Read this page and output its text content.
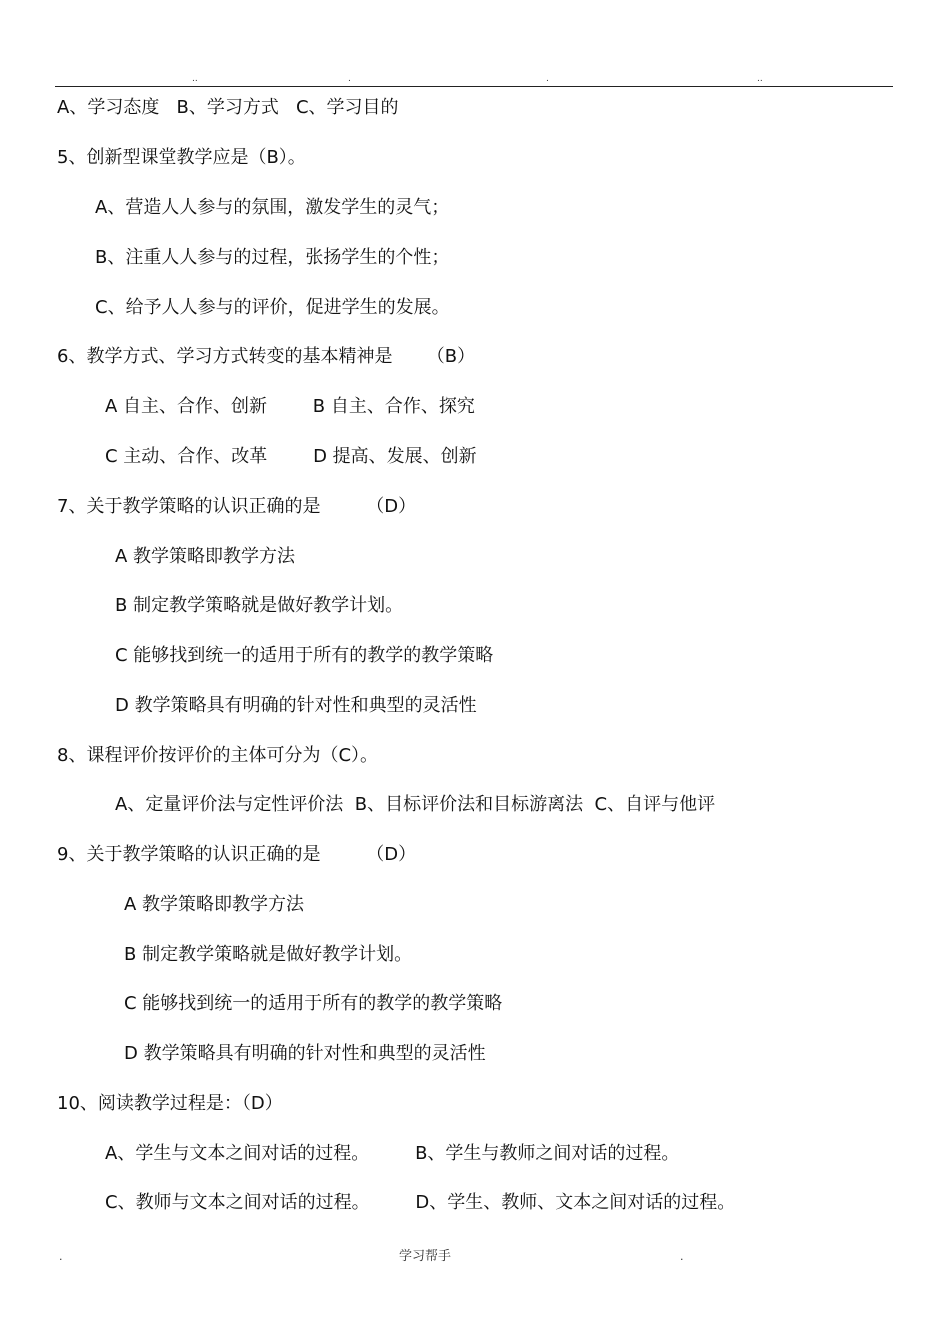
..	.	.	..
A、学习态度   B、学习方式   C、学习目的
5、创新型课堂教学应是（B）。
A、营造人人参与的氛围，激发学生的灵气；
B、注重人人参与的过程，张扬学生的个性；
C、给予人人参与的评价，促进学生的发展。
6、教学方式、学习方式转变的基本精神是      （B）
A 自主、合作、创新        B 自主、合作、探究
C 主动、合作、改革        D 提高、发展、创新
7、关于教学策略的认识正确的是        （D）
A 教学策略即教学方法
B 制定教学策略就是做好教学计划。
C 能够找到统一的适用于所有的教学的教学策略
D 教学策略具有明确的针对性和典型的灵活性
8、课程评价按评价的主体可分为（C）。
A、定量评价法与定性评价法  B、目标评价法和目标游离法  C、自评与他评
9、关于教学策略的认识正确的是        （D）
A 教学策略即教学方法
B 制定教学策略就是做好教学计划。
C 能够找到统一的适用于所有的教学的教学策略
D 教学策略具有明确的针对性和典型的灵活性
10、阅读教学过程是：（D）
A、学生与文本之间对话的过程。        B、学生与教师之间对话的过程。
C、教师与文本之间对话的过程。        D、学生、教师、文本之间对话的过程。
.	学习帮手	.
